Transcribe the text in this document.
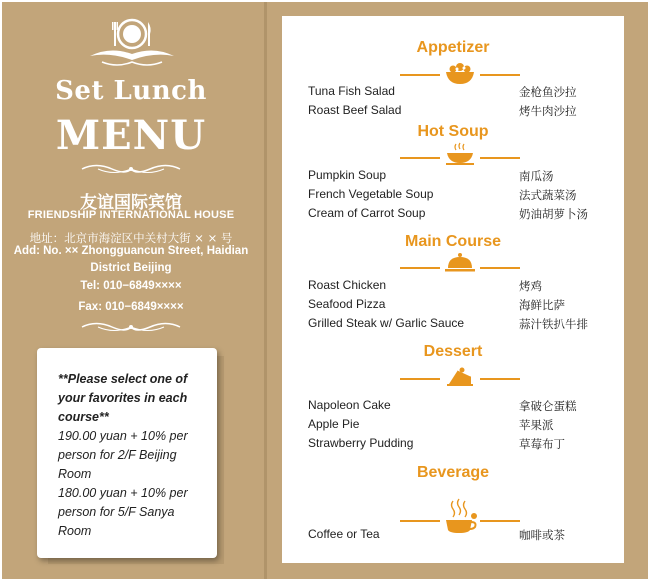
Set Lunch
MENU
友谊国际宾馆
FRIENDSHIP INTERNATIONAL HOUSE
地址：北京市海淀区中关村大街 × × 号
Add: No. ×× Zhongguancun Street, Haidian
District Beijing
Tel: 010−6849××××
Fax: 010−6849××××
**Please select one of
your favorites in each
course**
190.00 yuan + 10% per
person for 2/F Beijing
Room
180.00 yuan + 10% per
person for 5/F Sanya
Room
Appetizer
Tuna Fish Salad	金枪鱼沙拉
Roast Beef Salad	烤牛肉沙拉
Hot Soup
Pumpkin Soup	南瓜汤
French Vegetable Soup	法式蔬菜汤
Cream of Carrot Soup	奶油胡萝卜汤
Main Course
Roast Chicken	烤鸡
Seafood Pizza	海鲜比萨
Grilled Steak w/ Garlic Sauce	蒜汁铁扒牛排
Dessert
Napoleon Cake	拿破仑蛋糕
Apple Pie	苹果派
Strawberry Pudding	草莓布丁
Beverage
Coffee or Tea	咖啡或茶
